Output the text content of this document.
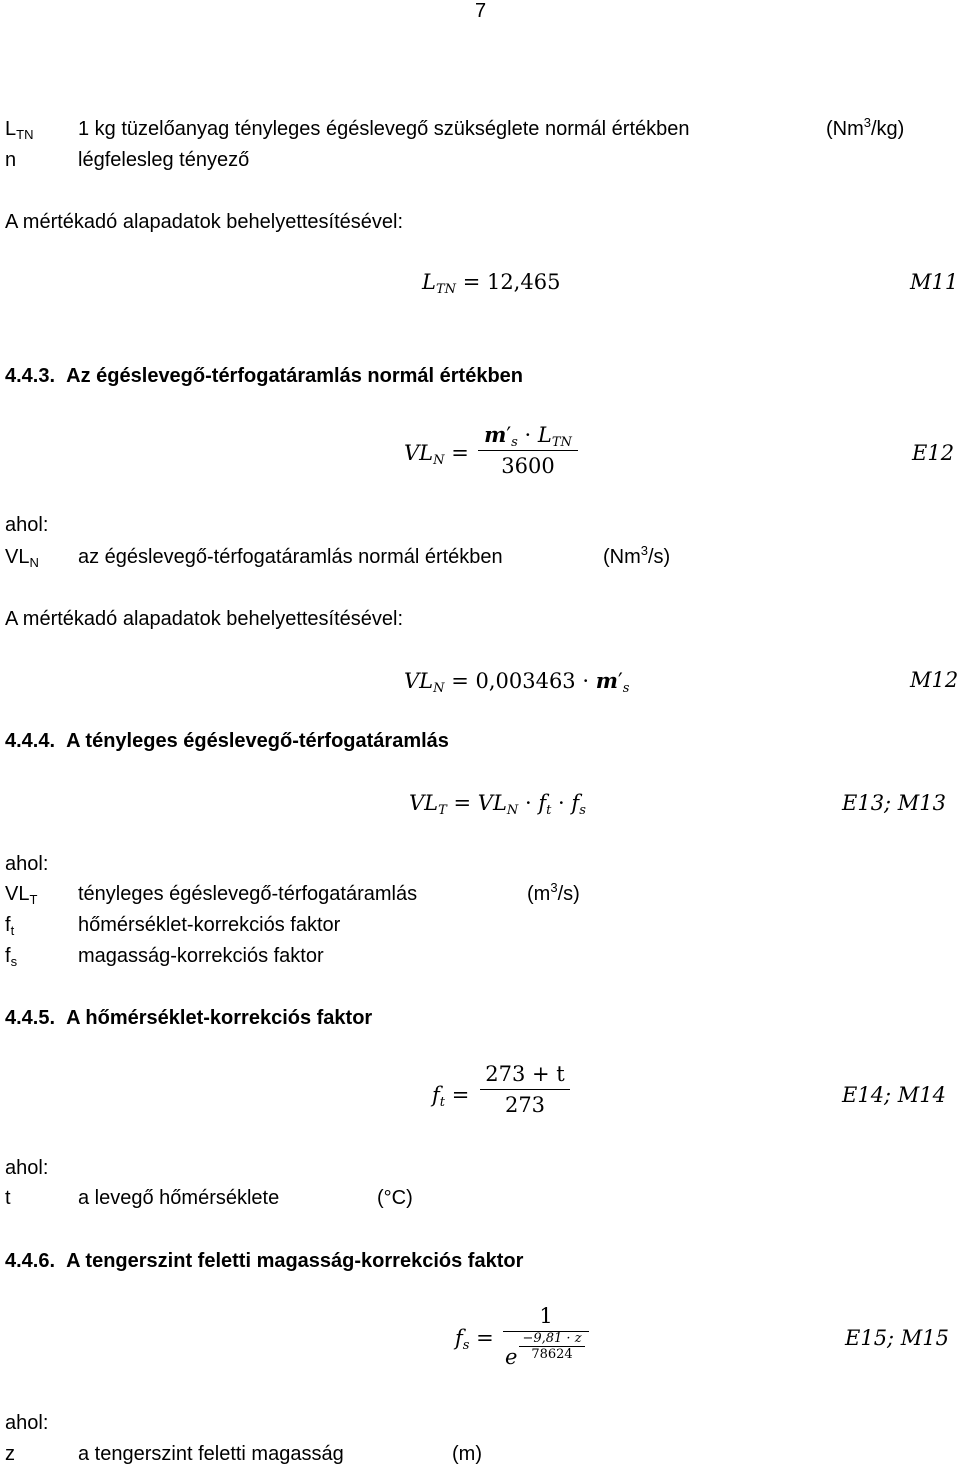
7
$L_{TN}$ 1 kg tüzelőanyag tényleges égéslevegő szükséglete normál értékben	(Nm$^3$/kg)
n	légfelesleg tényező
A mértékadó alapadatok behelyettesítésével:
$L_{TN} = 12,465$	M11
4.4.3. Az égéslevegő-térfogatáramlás normál értékben
$VL_N$ =
$m'_s \cdot L_{TN}$
3600
E12
ahol:
$VL_N$ az égéslevegő-térfogatáramlás normál értékben	(Nm$^3$/s)
A mértékadó alapadatok behelyettesítésével:
$VL_N = 0,003463 \cdot m'_s$	M12
4.4.4. A tényleges égéslevegő-térfogatáramlás
$VL_T = VL_N \cdot f_t \cdot f_s$	E13; M13
ahol:
$VL_T$ tényleges égéslevegő-térfogatáramlás	$(m^3/s)$
$f_t$	hőmérséklet-korrekciós faktor
$f_s$	magasság-korrekciós faktor
4.4.5. A hőmérséklet-korrekciós faktor
$f_t$ =
273 + t
273	E14; M14
ahol:
t	a levegő hőmérséklete	(°C)
4.4.6. A tengerszint feletti magasság-korrekciós faktor
$f_s$ =
1
e
−9,81 · z
78624
E15; M15
ahol:
z	a tengerszint feletti magasság	(m)
